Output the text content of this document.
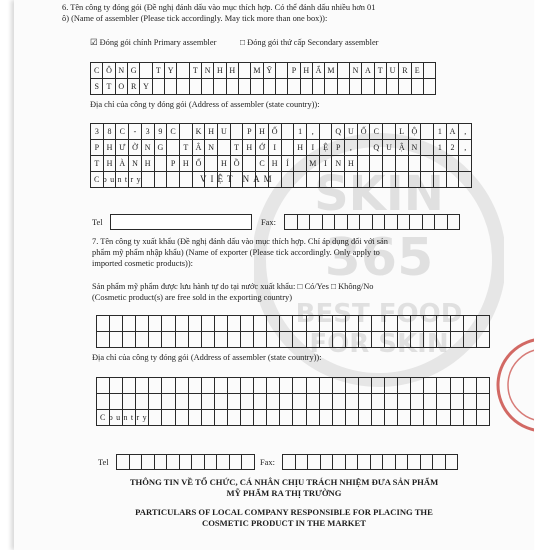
SKIN
365
BEST FOOD
FOR SKIN
6. Tên công ty đóng gói (Đề nghị đánh dấu vào mục thích hợp. Có thể đánh dấu nhiều hơn 01
ô) (Name of assembler (Please tick accordingly. May tick more than one box)):
☑ Đóng gói chính Primary assembler	□ Đóng gói thứ cấp Secondary assembler
C Ô N G	T Y	T N H H	M Ỹ	P H Ẩ M	N A T U R E
S T O R Y
Địa chỉ của công ty đóng gói (Address of assembler (state country)):
3	8	C	-	3	9	C	K H U	P H Ố	1	,	Q U Ố C	L Ộ	1 A	,
P H Ư Ờ N G	T Â N	T H Ớ	I	H	I	Ệ	P	,	Q U Ậ N	1	2	,
T H À N H	P H Ố	H Ồ	C H	Í	M I	N H
Country	VIỆT NAM
Tel	Fax:
7. Tên công ty xuất khẩu (Đề nghị đánh dấu vào mục thích hợp. Chỉ áp dụng đối với sản
phẩm mỹ phẩm nhập khẩu) (Name of exporter (Please tick accordingly. Only apply to
imported cosmetic products)):
Sản phẩm mỹ phẩm được lưu hành tự do tại nước xuất khẩu: □ Có/Yes □ Không/No
(Cosmetic product(s) are free sold in the exporting country)
Địa chỉ của công ty đóng gói (Address of assembler (state country)):
Country
Tel	Fax:
THÔNG TIN VỀ TỔ CHỨC, CÁ NHÂN CHỊU TRÁCH NHIỆM ĐƯA SẢN PHẨM
MỸ PHẨM RA THỊ TRƯỜNG
PARTICULARS OF LOCAL COMPANY RESPONSIBLE FOR PLACING THE
COSMETIC PRODUCT IN THE MARKET
